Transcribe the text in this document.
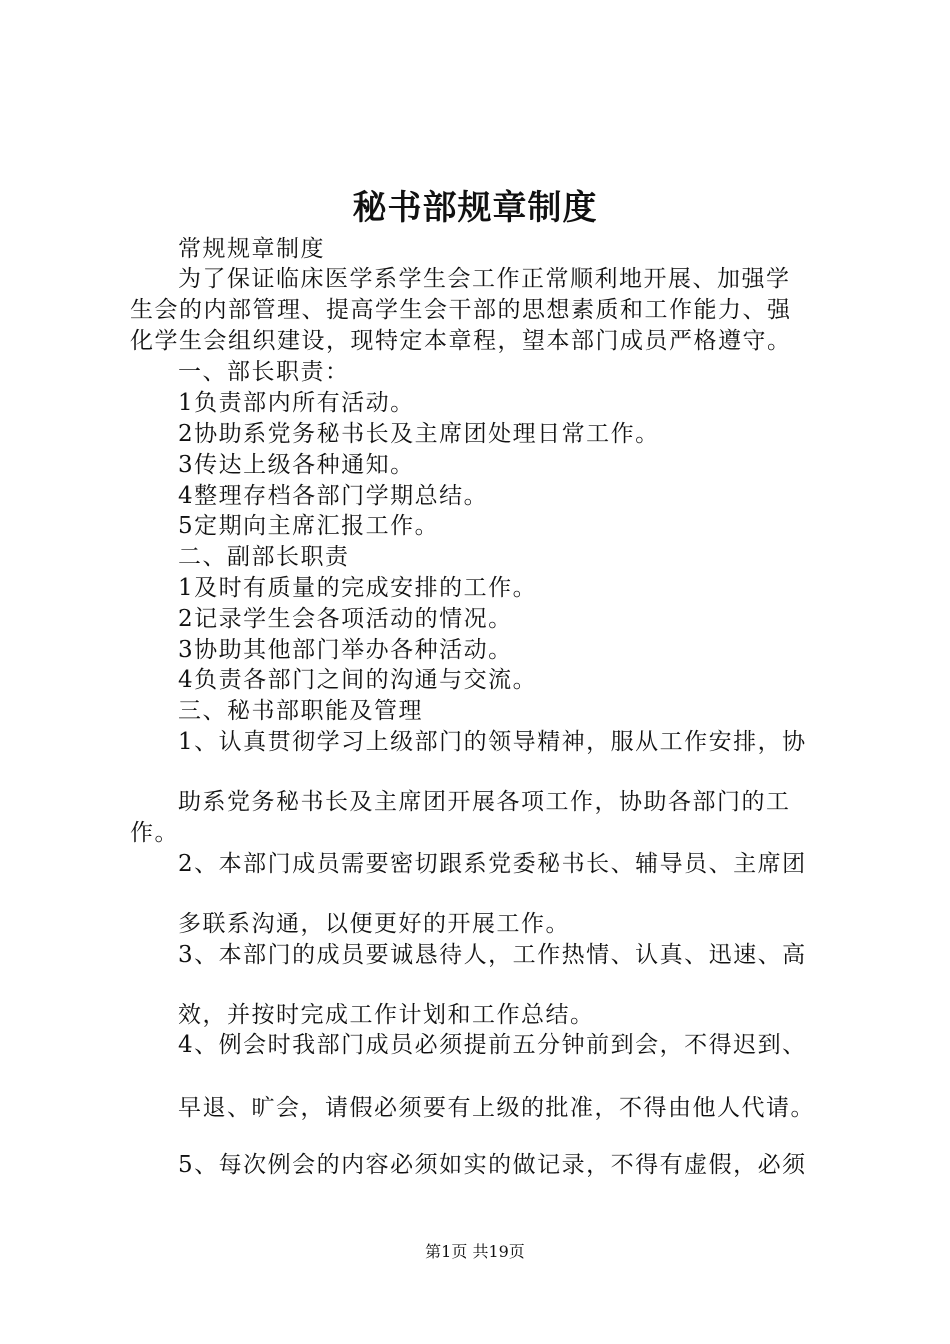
秘书部规章制度
常规规章制度
为了保证临床医学系学生会工作正常顺利地开展、加强学
生会的内部管理、提高学生会干部的思想素质和工作能力、强
化学生会组织建设，现特定本章程，望本部门成员严格遵守。
一、部长职责：
1负责部内所有活动。
2协助系党务秘书长及主席团处理日常工作。
3传达上级各种通知。
4整理存档各部门学期总结。
5定期向主席汇报工作。
二、副部长职责
1及时有质量的完成安排的工作。
2记录学生会各项活动的情况。
3协助其他部门举办各种活动。
4负责各部门之间的沟通与交流。
三、秘书部职能及管理
1、认真贯彻学习上级部门的领导精神，服从工作安排，协
助系党务秘书长及主席团开展各项工作，协助各部门的工
作。
2、本部门成员需要密切跟系党委秘书长、辅导员、主席团
多联系沟通，以便更好的开展工作。
3、本部门的成员要诚恳待人，工作热情、认真、迅速、高
效，并按时完成工作计划和工作总结。
4、例会时我部门成员必须提前五分钟前到会，不得迟到、
早退、旷会，请假必须要有上级的批准，不得由他人代请。
5、每次例会的内容必须如实的做记录，不得有虚假，必须
第1页 共19页
